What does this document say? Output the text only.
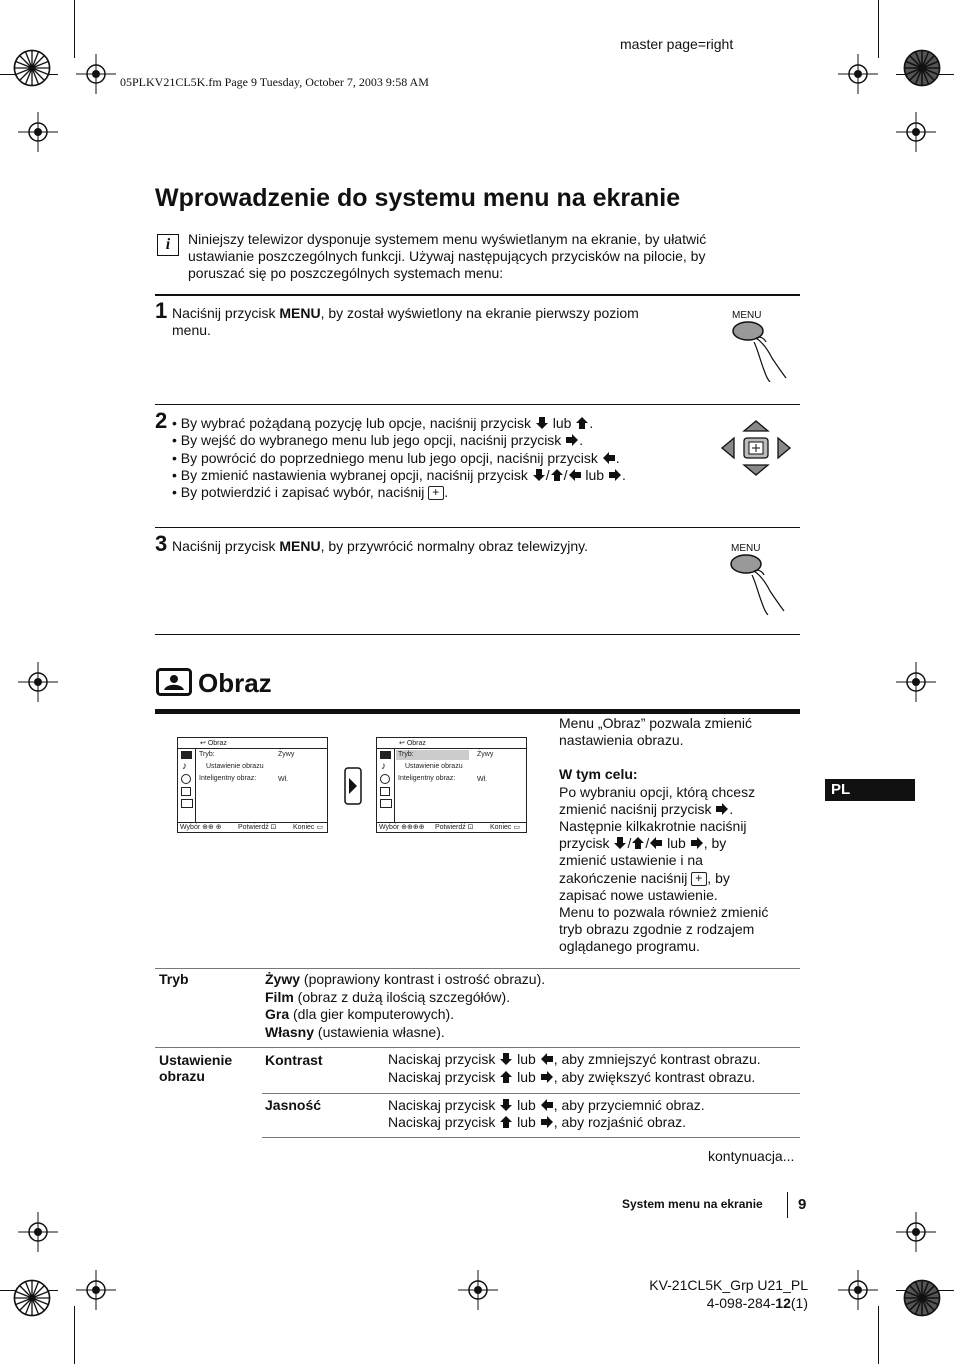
master page=right
05PLKV21CL5K.fm Page 9 Tuesday, October 7, 2003 9:58 AM
Wprowadzenie do systemu menu na ekranie
i	Niniejszy telewizor dysponuje systemem menu wyświetlanym na ekranie, by ułatwić
ustawianie poszczególnych funkcji. Używaj następujących przycisków na pilocie, by
poruszać się po poszczególnych systemach menu:
1 Naciśnij przycisk MENU, by został wyświetlony na ekranie pierwszy poziom
menu.
MENU
2 • By wybrać pożądaną pozycję lub opcje, naciśnij przycisk  lub .
• By wejść do wybranego menu lub jego opcji, naciśnij przycisk .
• By powrócić do poprzedniego menu lub jego opcji, naciśnij przycisk .
• By zmienić nastawienia wybranej opcji, naciśnij przycisk / / lub .
• By potwierdzić i zapisać wybór, naciśnij +.
3 Naciśnij przycisk MENU, by przywrócić normalny obraz telewizyjny.	MENU
Obraz
↩ Obraz
♪
Tryb:	Żywy
Ustawienie obrazu
Inteligentny obraz:	Wł.
Wybór ⊕⊕ ⊕ Potwierdź ⊡ Koniec ▭
↩ Obraz
♪
Tryb:	Żywy
Ustawienie obrazu
Inteligentny obraz:	Wł.
Wybór ⊕⊕⊕⊕ Potwierdź ⊡ Koniec ▭
Menu „Obraz” pozwala zmienić
nastawienia obrazu.
W tym celu:
Po wybraniu opcji, którą chcesz
zmienić naciśnij przycisk .
Następnie kilkakrotnie naciśnij
przycisk / / lub , by
zmienić ustawienie i na
zakończenie naciśnij + , by
zapisać nowe ustawienie.
Menu to pozwala również zmienić
tryb obrazu zgodnie z rodzajem
oglądanego programu.
PL
Tryb	Żywy (poprawiony kontrast i ostrość obrazu).
Film (obraz z dużą ilością szczegółów).
Gra (dla gier komputerowych).
Własny (ustawienia własne).
Ustawienie
obrazu
Kontrast	Naciskaj przycisk  lub , aby zmniejszyć kontrast obrazu.
Naciskaj przycisk  lub , aby zwiększyć kontrast obrazu.
Jasność	Naciskaj przycisk  lub , aby przyciemnić obraz.
Naciskaj przycisk  lub , aby rozjaśnić obraz.
kontynuacja...
System menu na ekranie 9
KV-21CL5K_Grp U21_PL
4-098-284-12(1)
